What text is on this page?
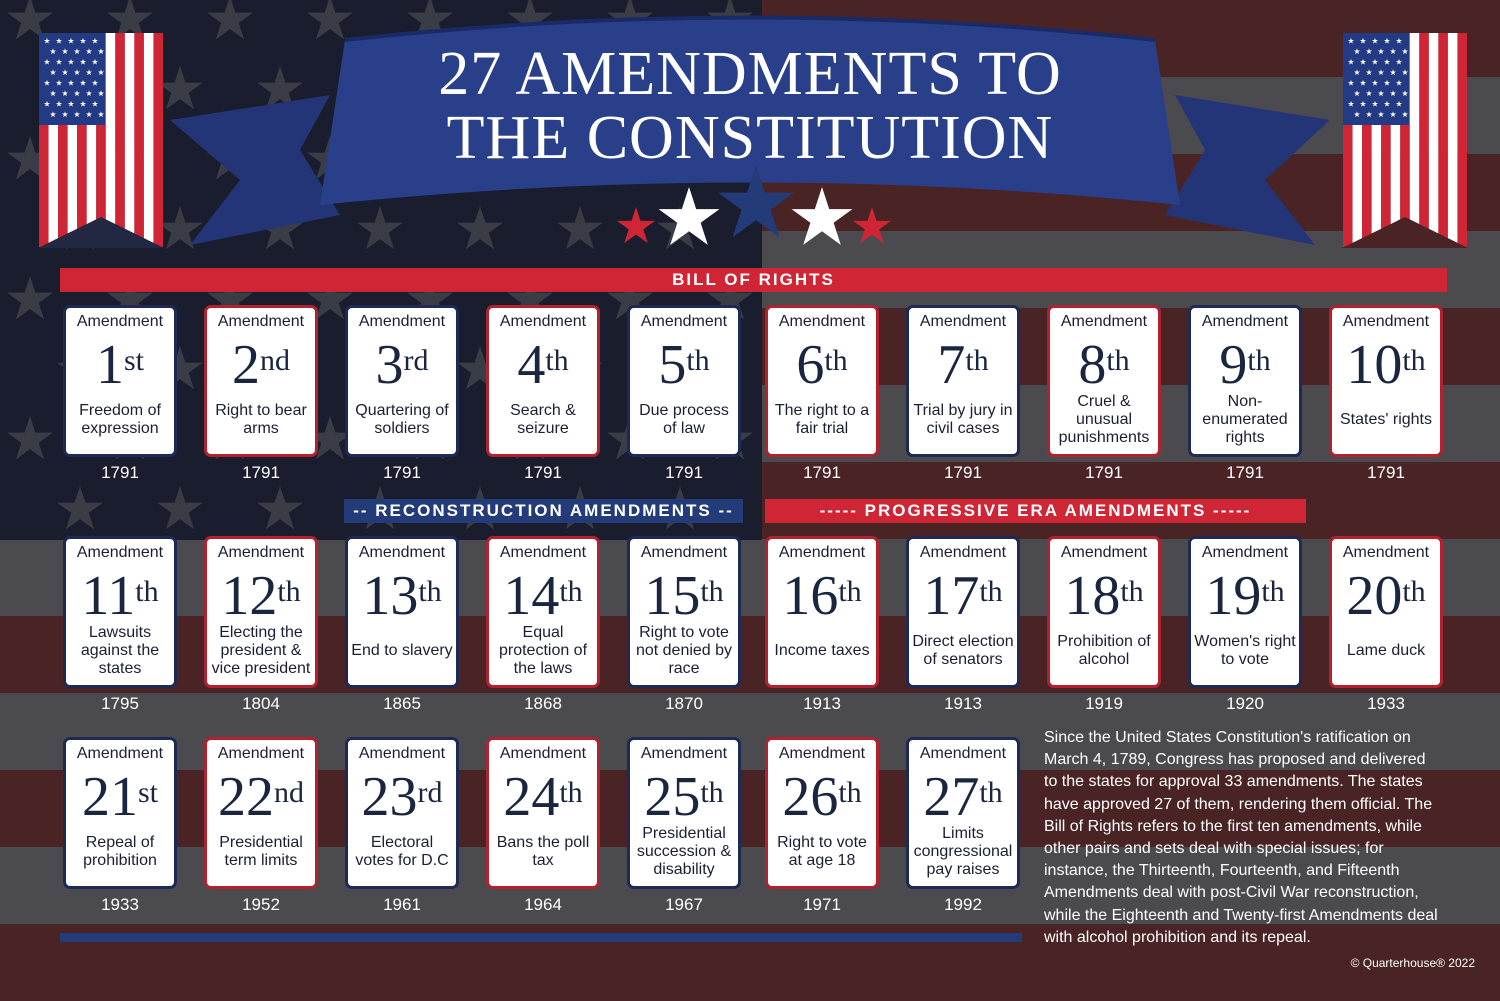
27 AMENDMENTS TO
THE CONSTITUTION
BILL OF RIGHTS
-- RECONSTRUCTION AMENDMENTS --	----- PROGRESSIVE ERA AMENDMENTS -----
Amendment
1st
Freedom of expression
1791
Amendment
2nd
Right to bear arms
1791
Amendment
3rd
Quartering of soldiers
1791
Amendment
4th
Search & seizure
1791
Amendment
5th
Due process of law
1791
Amendment
6th
The right to a fair trial
1791
Amendment
7th
Trial by jury in civil cases
1791
Amendment
8th
Cruel & unusual punishments
1791
Amendment
9th
Non-enumerated rights
1791
Amendment
10th
States' rights
1791
Amendment
11th
Lawsuits against the states
1795
Amendment
12th
Electing the president & vice president
1804
Amendment
13th
End to slavery
1865
Amendment
14th
Equal protection of the laws
1868
Amendment
15th
Right to vote not denied by race
1870
Amendment
16th
Income taxes
1913
Amendment
17th
Direct election of senators
1913
Amendment
18th
Prohibition of alcohol
1919
Amendment
19th
Women's right to vote
1920
Amendment
20th
Lame duck
1933
Amendment
21st
Repeal of prohibition
1933
Amendment
22nd
Presidential term limits
1952
Amendment
23rd
Electoral votes for D.C
1961
Amendment
24th
Bans the poll tax
1964
Amendment
25th
Presidential succession & disability
1967
Amendment
26th
Right to vote at age 18
1971
Amendment
27th
Limits congressional pay raises
1992
Since the United States Constitution's ratification on March 4, 1789, Congress has proposed and delivered to the states for approval 33 amendments. The states have approved 27 of them, rendering them official. The Bill of Rights refers to the first ten amendments, while other pairs and sets deal with special issues; for instance, the Thirteenth, Fourteenth, and Fifteenth Amendments deal with post-Civil War reconstruction, while the Eighteenth and Twenty-first Amendments deal with alcohol prohibition and its repeal.
© Quarterhouse® 2022
